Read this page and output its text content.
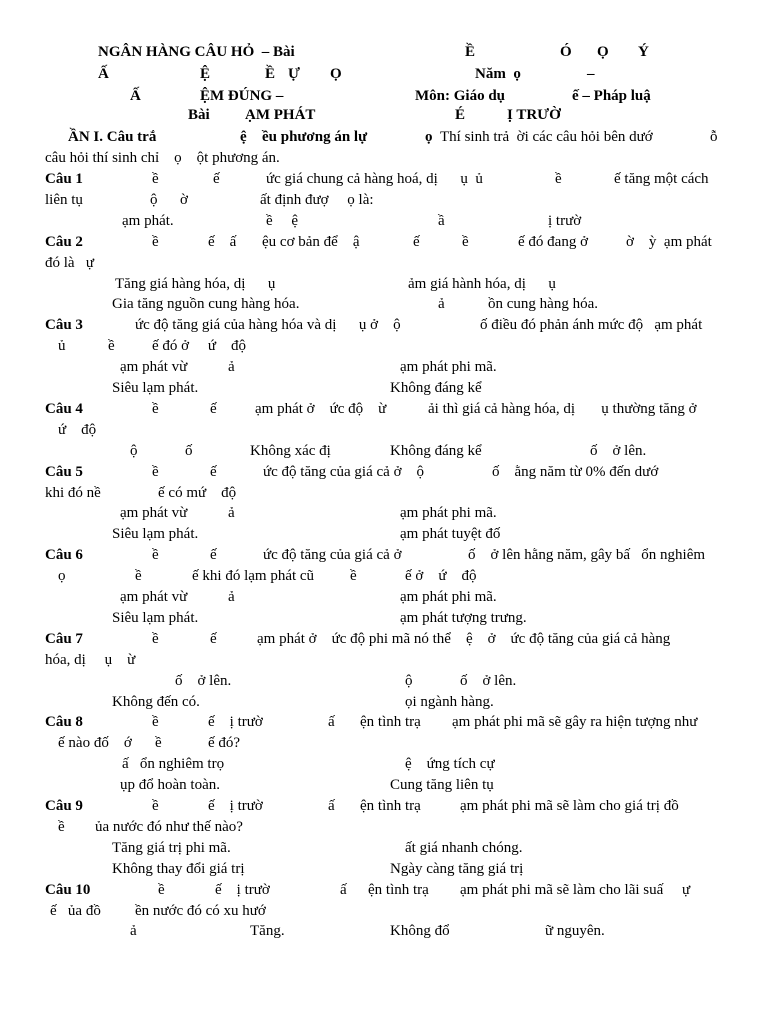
NGÂN HÀNG CÂU HỎ  – Bài	Ề	Ó Ọ Ý
Ấ	Ệ	Ề Ự Ọ	Năm  ọ	–
Ấ	ỆM ĐÚNG –	Môn: Giáo dụ	ế – Pháp luậ
Bài ẠM PHÁT	É	Ị TRƯỜ
ẦN I. Câu trắ	ệ ều phương án lự	ọ Thí sinh trả  ời các câu hỏi bên dướ	ỗ
câu hỏi thí sinh chỉ    ọ    ột phương án.
Câu 1	ề	ế	ức giá chung cả hàng hoá, dị      ụ  ủ	ề	ế tăng một cách
liên tụ	ộ      ờ	ất định đượ     ọ là:
ạm phát.	ề     ệ	ầ	ị trườ
Câu 2	ề	ế    ấ ệu cơ bản để    ậ	ế	ề	ế đó đang ở	ờ    ỳ  ạm phát
đó là   ự
Tăng giá hàng hóa, dị      ụ	ảm giá hành hóa, dị      ụ
Gia tăng nguồn cung hàng hóa.	ả	ồn cung hàng hóa.
Câu 3	ức độ tăng giá của hàng hóa và dị      ụ ở    ộ	ố điều đó phản ánh mức độ   ạm phát
ủ	ề ế đó ở     ứ    độ
ạm phát vừ	ả	ạm phát phi mã.
Siêu lạm phát.	Không đáng kể
Câu 4	ề	ế	ạm phát ở    ức độ    ừ	ải thì giá cả hàng hóa, dị       ụ thường tăng ở
ứ    độ
ộ	ố	Không xác đị	Không đáng kể	ố    ở lên.
Câu 5	ề	ế	ức độ tăng của giá cả ở    ộ	ố    ằng năm từ 0% đến dướ
khi đó nề	ế có mứ    độ
ạm phát vừ	ả	ạm phát phi mã.
Siêu lạm phát.	ạm phát tuyệt đố
Câu 6	ề	ế	ức độ tăng của giá cả ở	ố    ở lên hằng năm, gây bấ   ổn nghiêm
ọ	ề	ế khi đó lạm phát cũ ề	ế ở    ứ    độ
ạm phát vừ	ả	ạm phát phi mã.
Siêu lạm phát.	ạm phát tượng trưng.
Câu 7	ề	ế	ạm phát ở    ức độ phi mã nó thể    ệ    ở    ức độ tăng của giá cả hàng
hóa, dị     ụ    ừ
ố    ở lên.	ộ	ố    ở lên.
Không đến có.	ọi ngành hàng.
Câu 8	ề	ế    ị trườ	ấ ện tình trạ ạm phát phi mã sẽ gây ra hiện tượng như
ế nào đố    ớ ề	ế đó?
ấ   ổn nghiêm trọ	ệ    ứng tích cự
ụp đổ hoàn toàn.	Cung tăng liên tụ
Câu 9	ề	ế    ị trườ	ấ ện tình trạ	ạm phát phi mã sẽ làm cho giá trị đồ
ề ủa nước đó như thế nào?
Tăng giá trị phi mã.	ất giá nhanh chóng.
Không thay đổi giá trị	Ngày càng tăng giá trị
Câu 10	ề	ế    ị trườ	ấ ện tình trạ ạm phát phi mã sẽ làm cho lãi suấ     ự
ế   ủa đồ ền nước đó có xu hướ
ả	Tăng.	Không đổ	ữ nguyên.
